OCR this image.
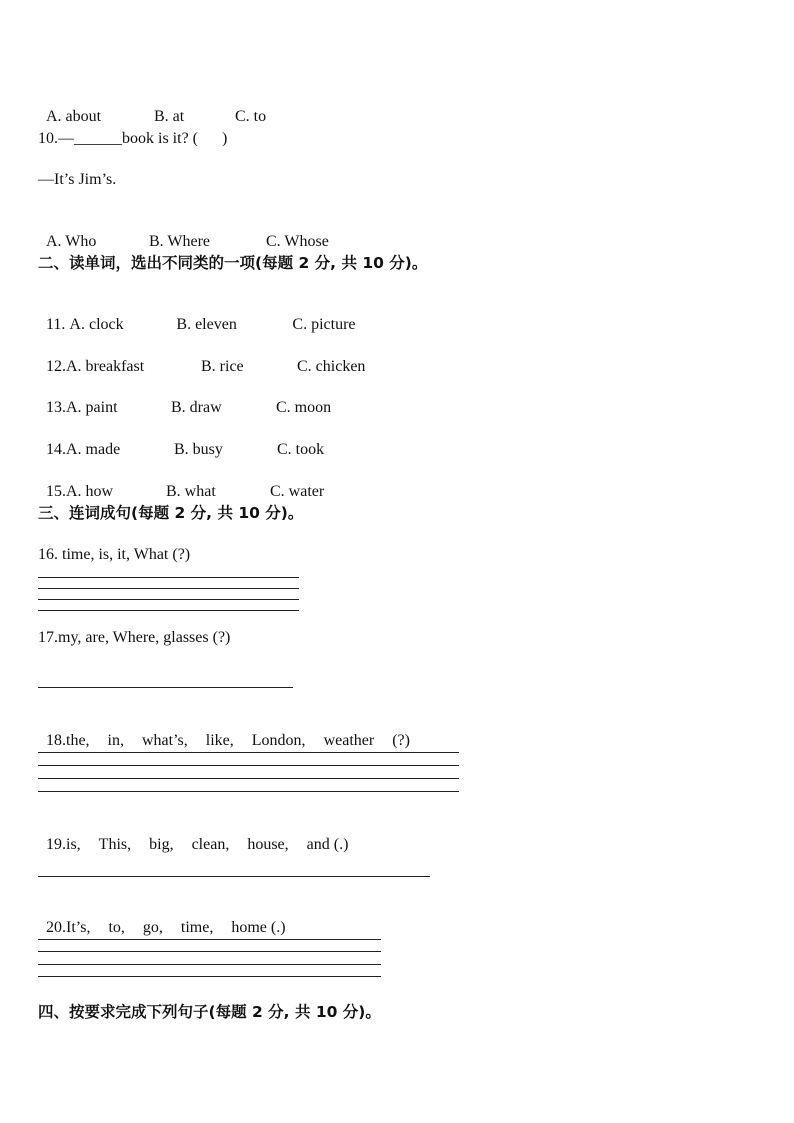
A. about	B. at	C. to

10.—______book is it? (      )
—It’s Jim’s.

A. Who	B. Where	C. Whose

二、读单词，选出不同类的一项(每题 2 分, 共 10 分)。

11. A. clock	B. eleven	C. picture

12.A. breakfast	B. rice	C. chicken

13.A. paint	B. draw	C. moon

14.A. made	B. busy	C. took

15.A. how	B. what	C. water

三、连词成句(每题 2 分, 共 10 分)。
16. time, is, it, What (?)
17.my, are, Where, glasses (?)

18.the, in, what’s, like, London, weather (?)

19.is, This, big, clean, house, and (.)

20.It’s, to, go, time, home (.)

四、按要求完成下列句子(每题 2 分, 共 10 分)。
